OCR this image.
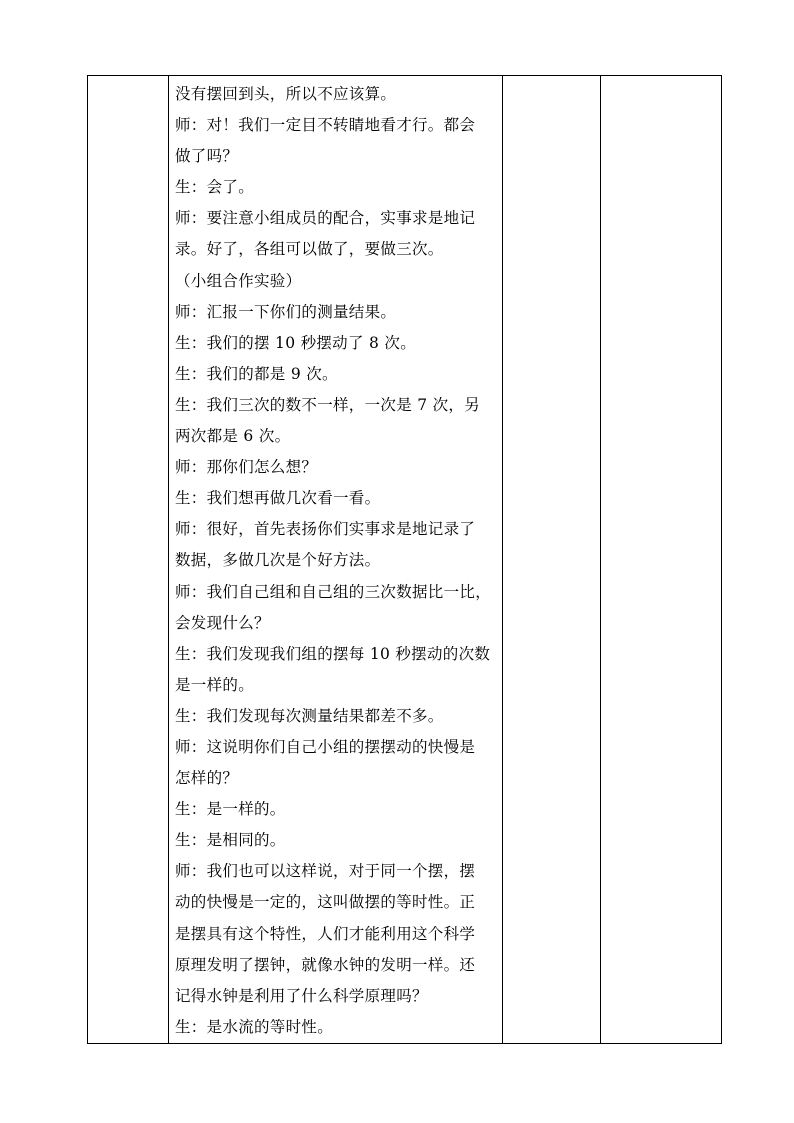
没有摆回到头，所以不应该算。
师：对！我们一定目不转睛地看才行。都会
做了吗？
生：会了。
师：要注意小组成员的配合，实事求是地记
录。好了，各组可以做了，要做三次。
（小组合作实验）
师：汇报一下你们的测量结果。
生：我们的摆 10 秒摆动了 8 次。
生：我们的都是 9 次。
生：我们三次的数不一样，一次是 7 次，另
两次都是 6 次。
师：那你们怎么想？
生：我们想再做几次看一看。
师：很好，首先表扬你们实事求是地记录了
数据，多做几次是个好方法。
师：我们自己组和自己组的三次数据比一比，
会发现什么？
生：我们发现我们组的摆每 10 秒摆动的次数
是一样的。
生：我们发现每次测量结果都差不多。
师：这说明你们自己小组的摆摆动的快慢是
怎样的？
生：是一样的。
生：是相同的。
师：我们也可以这样说，对于同一个摆，摆
动的快慢是一定的，这叫做摆的等时性。正
是摆具有这个特性，人们才能利用这个科学
原理发明了摆钟，就像水钟的发明一样。还
记得水钟是利用了什么科学原理吗？
生：是水流的等时性。
